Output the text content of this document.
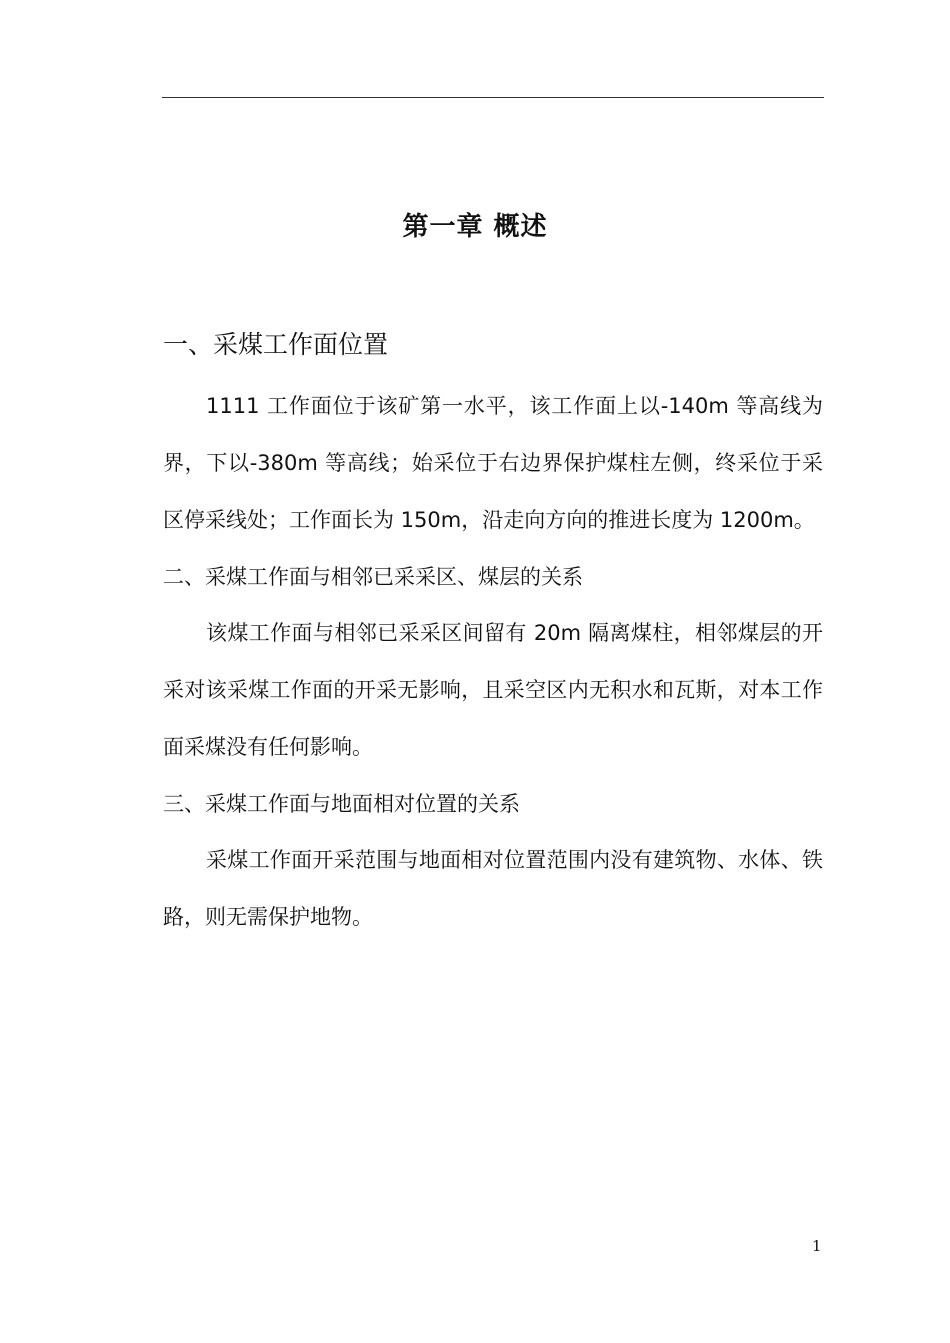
第一章 概述
一、采煤工作面位置

1111 工作面位于该矿第一水平，该工作面上以-140m 等高线为界，下以-380m 等高线；始采位于右边界保护煤柱左侧，终采位于采区停采线处；工作面长为 150m，沿走向方向的推进长度为 1200m。

二、采煤工作面与相邻已采采区、煤层的关系

该煤工作面与相邻已采采区间留有 20m 隔离煤柱，相邻煤层的开采对该采煤工作面的开采无影响，且采空区内无积水和瓦斯，对本工作面采煤没有任何影响。

三、采煤工作面与地面相对位置的关系

采煤工作面开采范围与地面相对位置范围内没有建筑物、水体、铁路，则无需保护地物。

1
